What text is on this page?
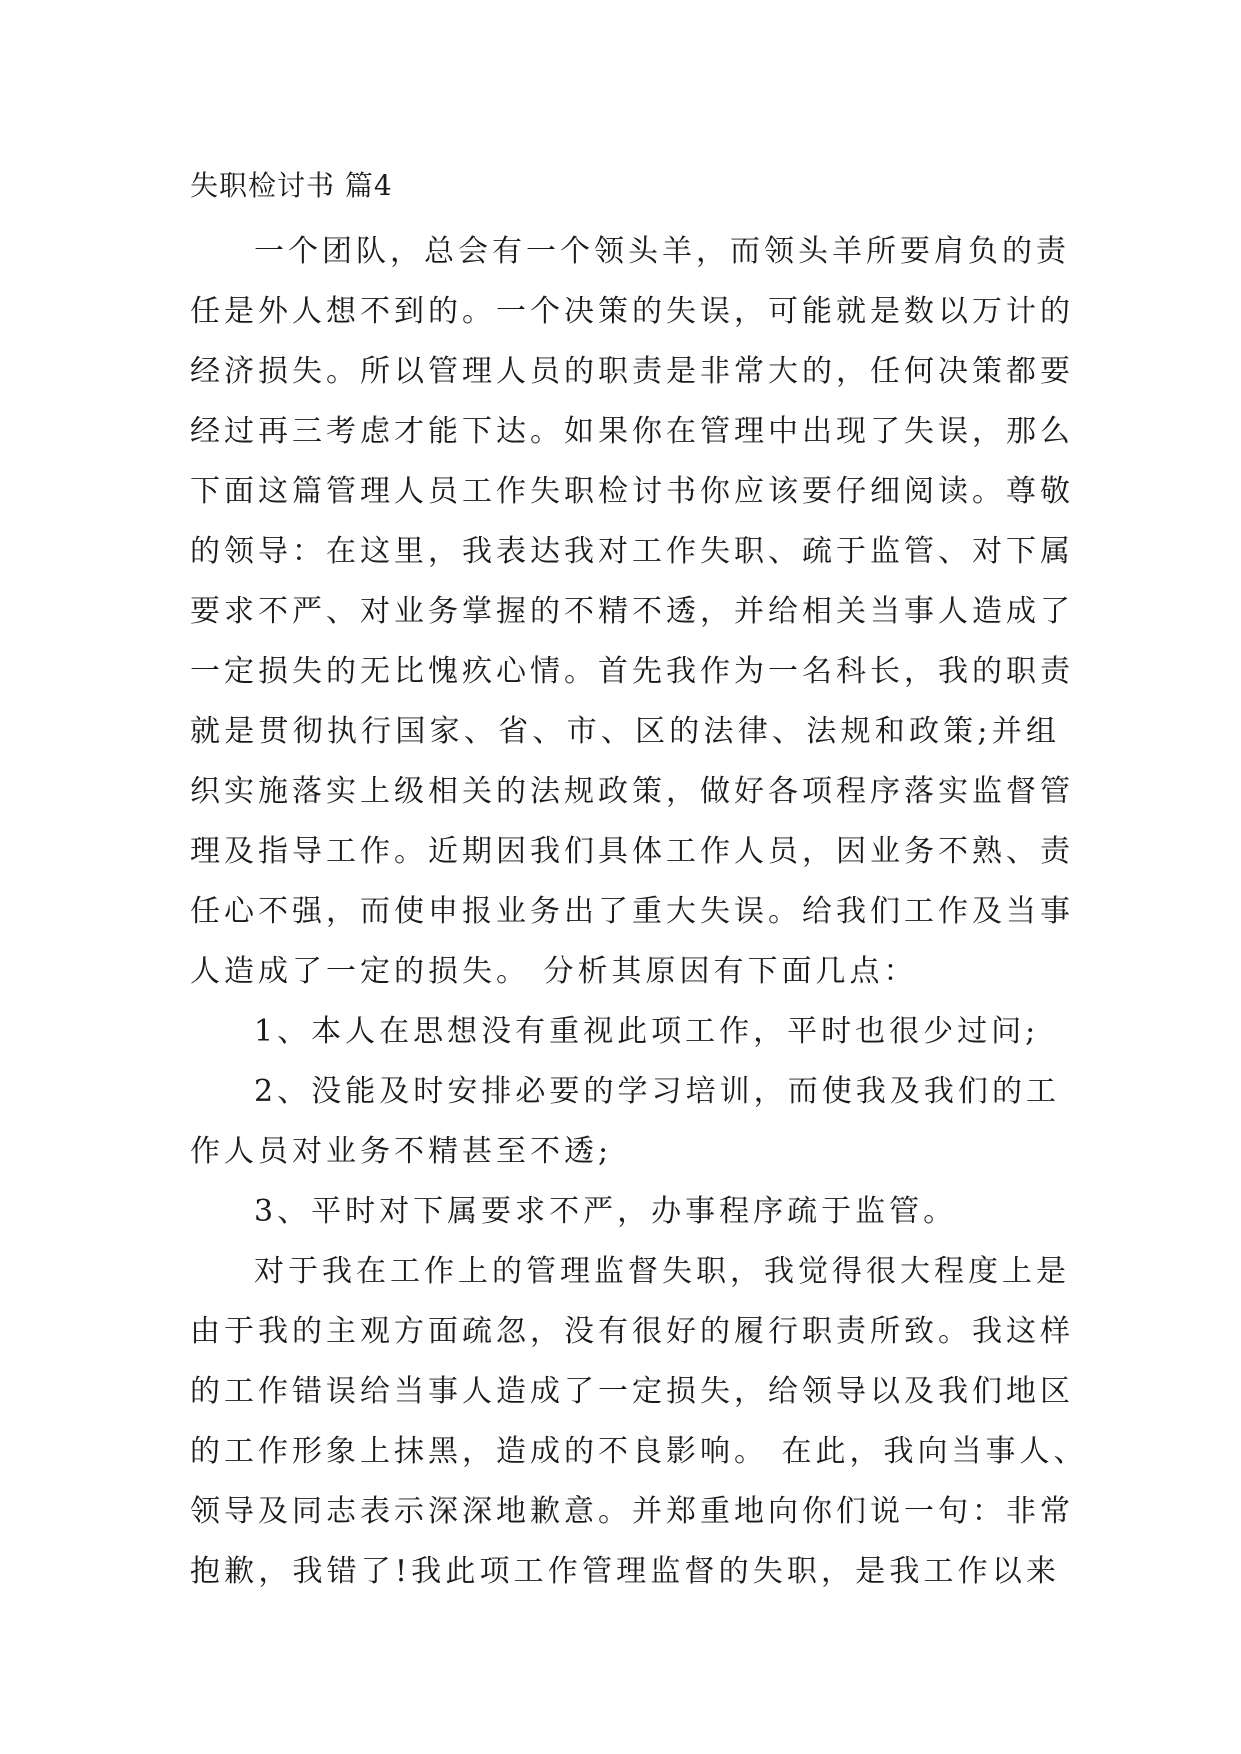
失职检讨书 篇4
一个团队，总会有一个领头羊，而领头羊所要肩负的责
任是外人想不到的。一个决策的失误，可能就是数以万计的
经济损失。所以管理人员的职责是非常大的，任何决策都要
经过再三考虑才能下达。如果你在管理中出现了失误，那么
下面这篇管理人员工作失职检讨书你应该要仔细阅读。尊敬
的领导：在这里，我表达我对工作失职、疏于监管、对下属
要求不严、对业务掌握的不精不透，并给相关当事人造成了
一定损失的无比愧疚心情。首先我作为一名科长，我的职责
就是贯彻执行国家、省、市、区的法律、法规和政策;并组
织实施落实上级相关的法规政策，做好各项程序落实监督管
理及指导工作。近期因我们具体工作人员，因业务不熟、责
任心不强，而使申报业务出了重大失误。给我们工作及当事
人造成了一定的损失。 分析其原因有下面几点：
1、本人在思想没有重视此项工作，平时也很少过问;
2、没能及时安排必要的学习培训，而使我及我们的工
作人员对业务不精甚至不透;
3、平时对下属要求不严，办事程序疏于监管。
对于我在工作上的管理监督失职，我觉得很大程度上是
由于我的主观方面疏忽，没有很好的履行职责所致。我这样
的工作错误给当事人造成了一定损失，给领导以及我们地区
的工作形象上抹黑，造成的不良影响。 在此，我向当事人、
领导及同志表示深深地歉意。并郑重地向你们说一句：非常
抱歉，我错了!我此项工作管理监督的失职，是我工作以来
